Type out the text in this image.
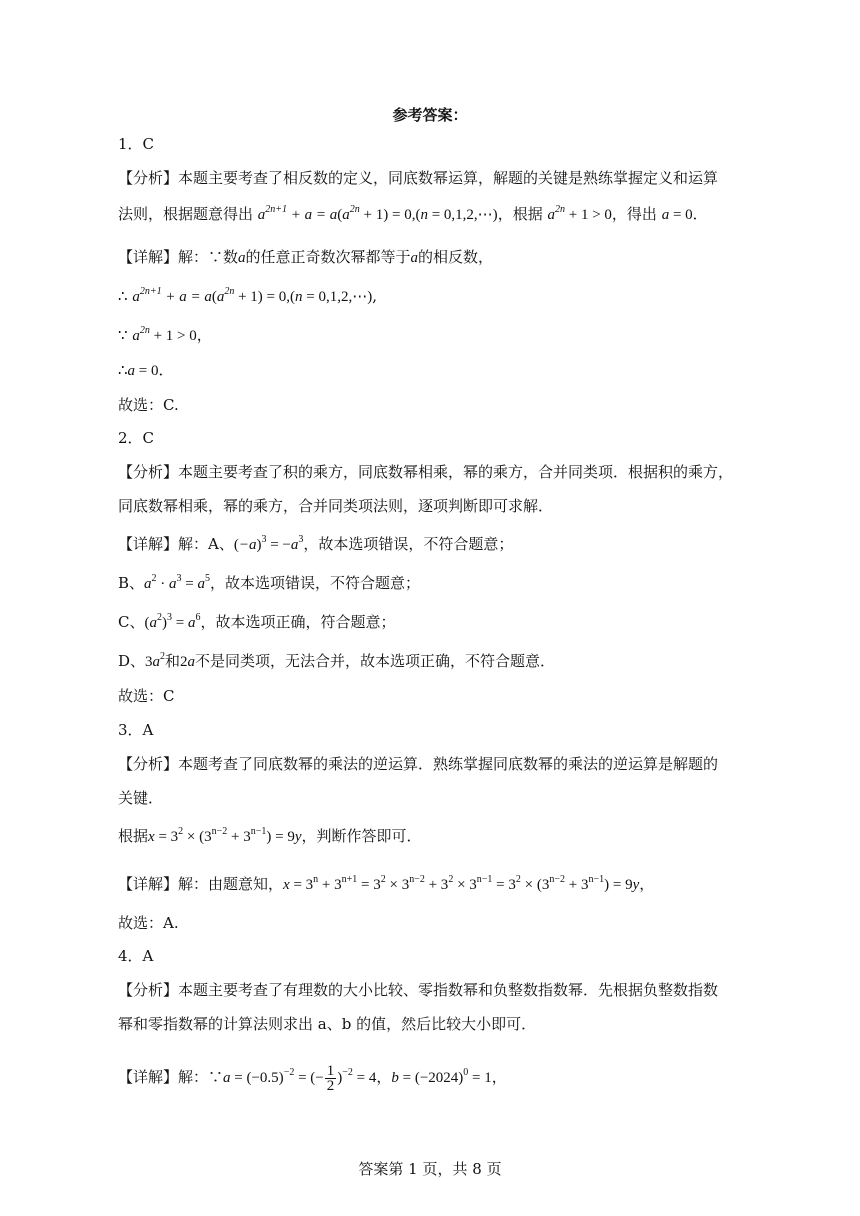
参考答案：
1．C
【分析】本题主要考查了相反数的定义，同底数幂运算，解题的关键是熟练掌握定义和运算
法则，根据题意得出 $a^{2n+1} + a = a(a^{2n} + 1) = 0,(n$ = 0,1,2,⋯)，根据 $a^{2n} + 1 > 0$，得出 a = 0．
【详解】解：∵数a的任意正奇数次幂都等于a的相反数，
∴ $a^{2n+1} + a = a(a^{2n} + 1) = 0,(n$ = 0,1,2,⋯),
∵ $a^{2n} + 1 > 0$，
∴a = 0．
故选：C.
2．C
【分析】本题主要考查了积的乘方，同底数幂相乘，幂的乘方，合并同类项．根据积的乘方，
同底数幂相乘，幂的乘方，合并同类项法则，逐项判断即可求解．
【详解】解：A、$(-a)^3 = -a^3$，故本选项错误，不符合题意；
B、$a^2 \cdot a^3 = a^5$，故本选项错误，不符合题意；
C、$(a^2)^3 = a^6$，故本选项正确，符合题意；
D、$3a^2$和2a不是同类项，无法合并，故本选项正确，不符合题意．
故选：C
3．A
【分析】本题考查了同底数幂的乘法的逆运算．熟练掌握同底数幂的乘法的逆运算是解题的
关键．
根据$x = 3^2 \times (3^{n-2} + 3^{n-1}) = 9y$，判断作答即可．
【详解】解：由题意知，$x = 3^n + 3^{n+1} = 3^2 \times 3^{n-2} + 3^2 \times 3^{n-1} = 3^2 \times (3^{n-2} + 3^{n-1}) = 9y$，
故选：A.
4．A
【分析】本题主要考查了有理数的大小比较、零指数幂和负整数指数幂．先根据负整数指数
幂和零指数幂的计算法则求出 a、b 的值，然后比较大小即可．
【详解】解：∵a = $(-0.5)^{-2}$ = (− $\frac{1}{2} )^{-2} = 4$，$b = (-2024)^0 = 1$，
答案第 1 页，共 8 页
